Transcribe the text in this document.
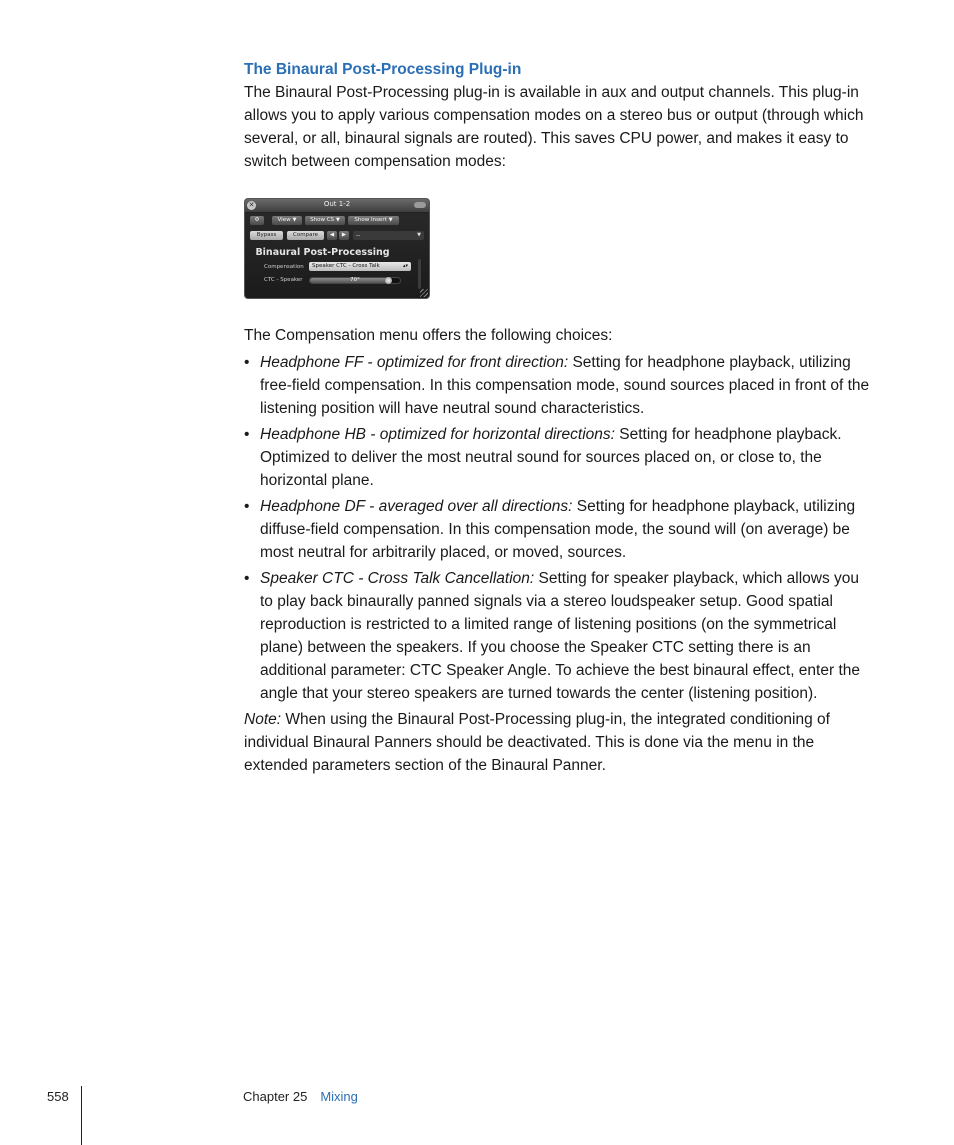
The Binaural Post-Processing Plug-in

The Binaural Post-Processing plug-in is available in aux and output channels. This plug-in allows you to apply various compensation modes on a stereo bus or output (through which several, or all, binaural signals are routed). This saves CPU power, and makes it easy to switch between compensation modes:

✕	Out 1-2
⚙	View ▼	Show CS ▼	Show Insert ▼
Bypass	Compare	◀	▶	--	▼
Binaural Post-Processing
Compensation	Speaker CTC - Cross Talk	▴▾
CTC - Speaker	70°

The Compensation menu offers the following choices:

• Headphone FF - optimized for front direction: Setting for headphone playback, utilizing free-field compensation. In this compensation mode, sound sources placed in front of the listening position will have neutral sound characteristics.
• Headphone HB - optimized for horizontal directions: Setting for headphone playback. Optimized to deliver the most neutral sound for sources placed on, or close to, the horizontal plane.
• Headphone DF - averaged over all directions: Setting for headphone playback, utilizing diffuse-field compensation. In this compensation mode, the sound will (on average) be most neutral for arbitrarily placed, or moved, sources.
• Speaker CTC - Cross Talk Cancellation: Setting for speaker playback, which allows you to play back binaurally panned signals via a stereo loudspeaker setup. Good spatial reproduction is restricted to a limited range of listening positions (on the symmetrical plane) between the speakers. If you choose the Speaker CTC setting there is an additional parameter: CTC Speaker Angle. To achieve the best binaural effect, enter the angle that your stereo speakers are turned towards the center (listening position).

Note: When using the Binaural Post-Processing plug-in, the integrated conditioning of individual Binaural Panners should be deactivated. This is done via the menu in the extended parameters section of the Binaural Panner.

558	Chapter 25 Mixing
